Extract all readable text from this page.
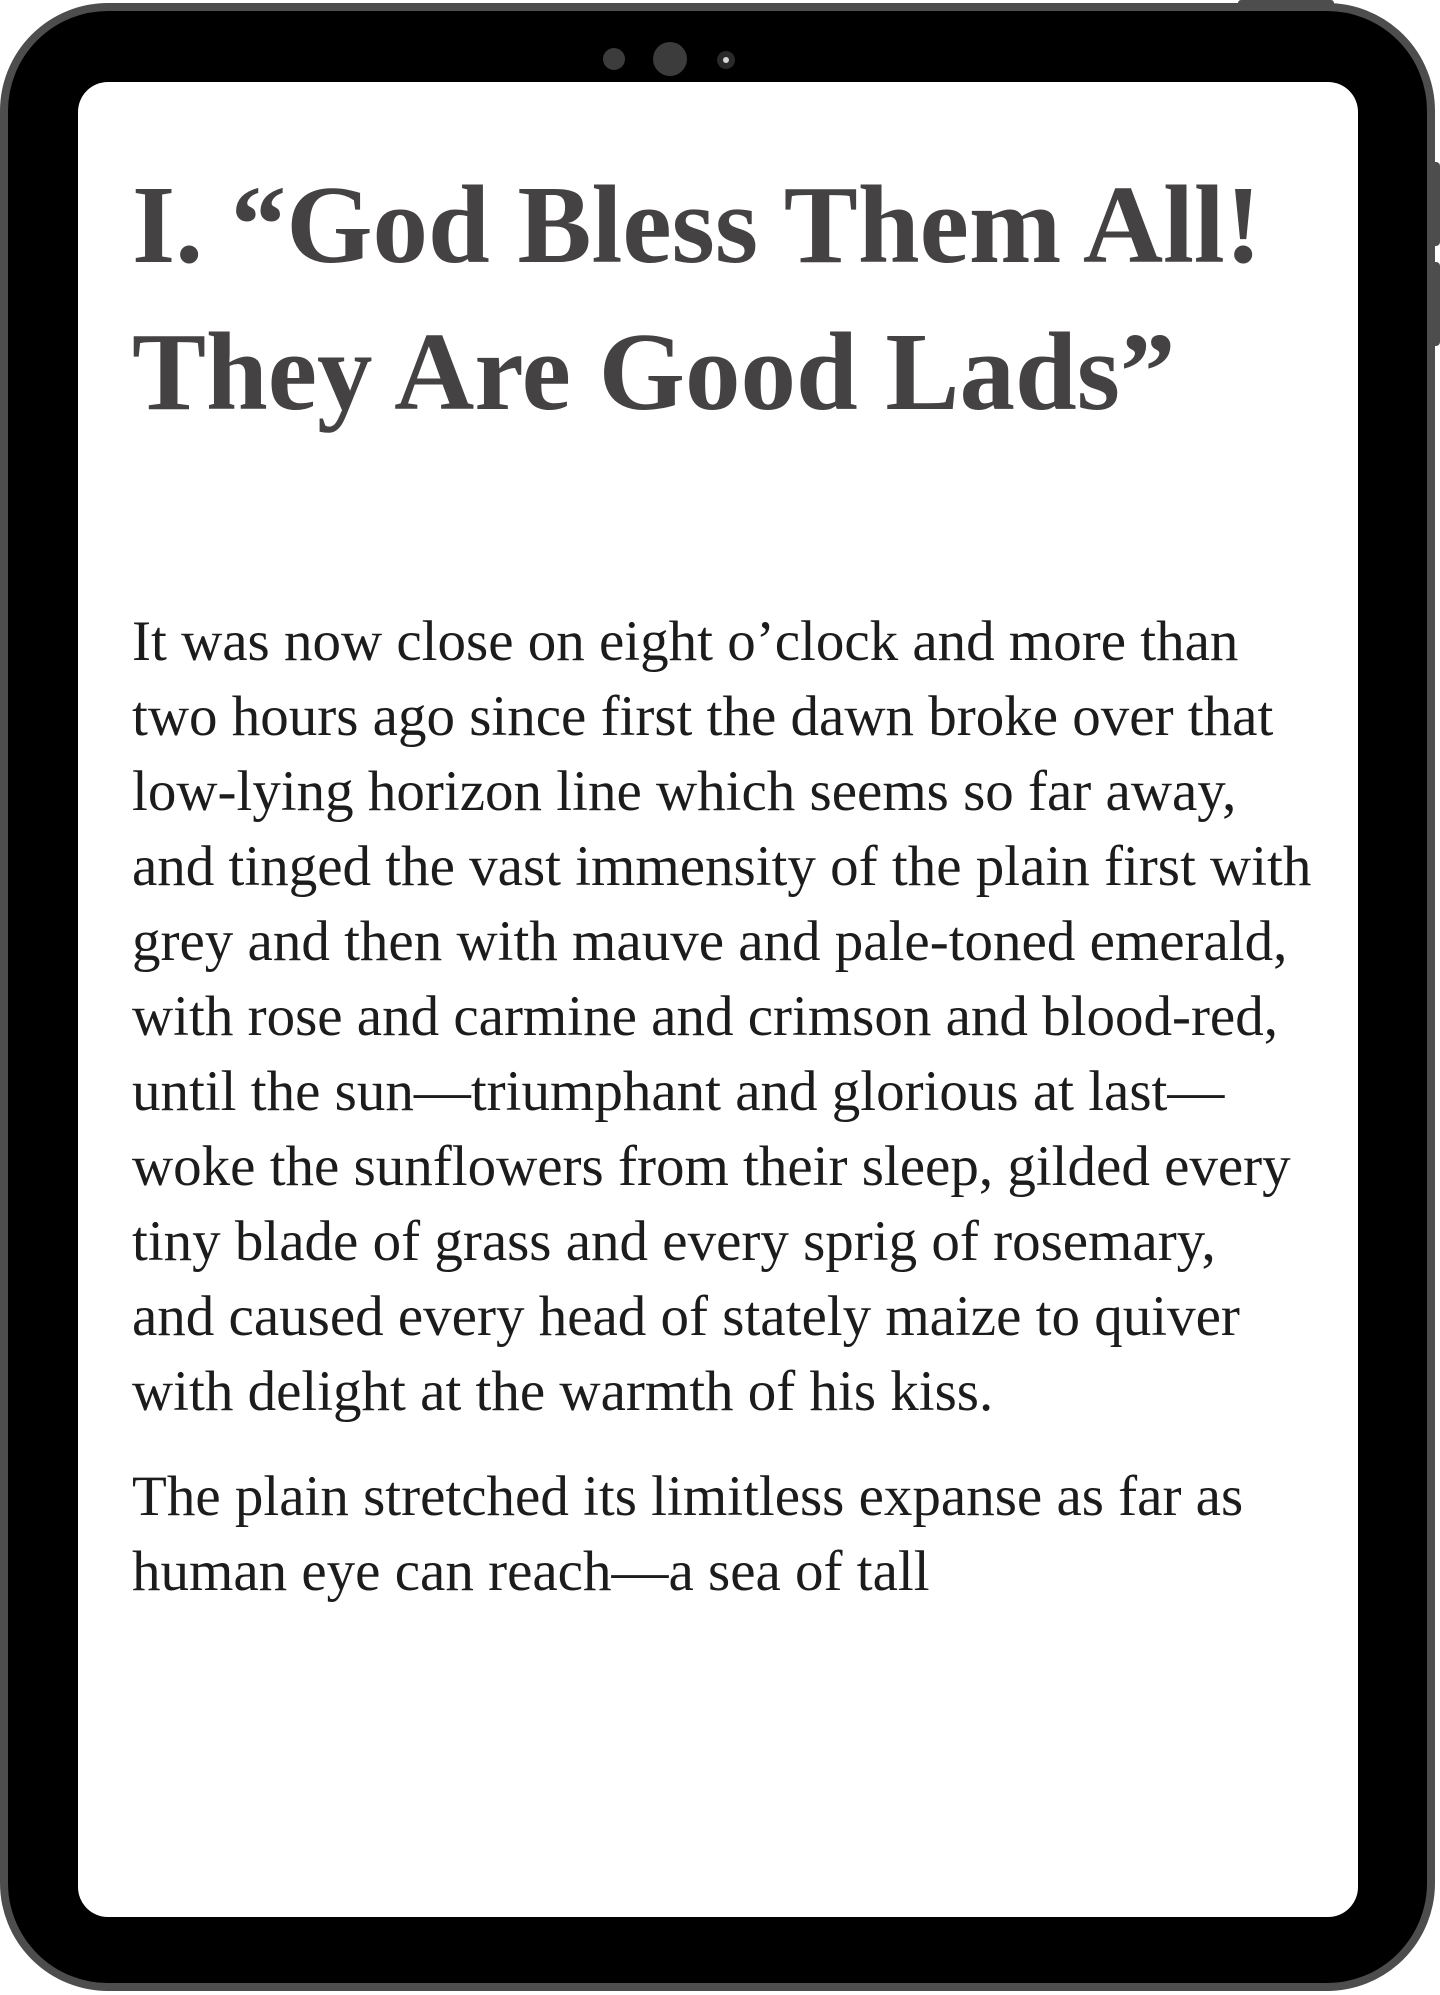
I. “God Bless Them All! They Are Good Lads”

It was now close on eight o’clock and more than two hours ago since first the dawn broke over that low-lying horizon line which seems so far away, and tinged the vast immensity of the plain first with grey and then with mauve and pale-toned emerald, with rose and carmine and crimson and blood-red, until the sun—triumphant and glorious at last—woke the sunflowers from their sleep, gilded every tiny blade of grass and every sprig of rosemary, and caused every head of stately maize to quiver with delight at the warmth of his kiss.

The plain stretched its limitless expanse as far as human eye can reach—a sea of tall
